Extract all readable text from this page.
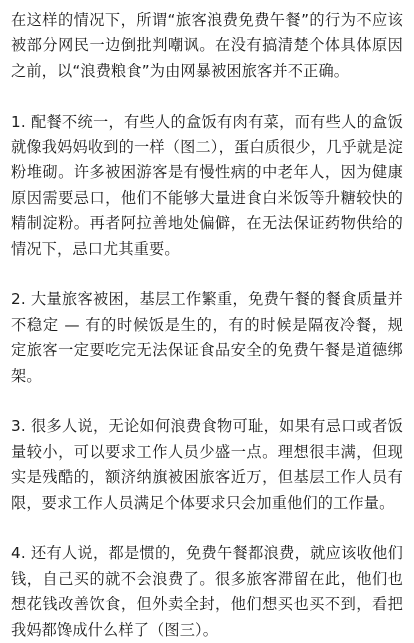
在这样的情况下，所谓“旅客浪费免费午餐”的行为不应该被部分网民一边倒批判嘲讽。在没有搞清楚个体具体原因之前，以“浪费粮食”为由网暴被困旅客并不正确。

1. 配餐不统一，有些人的盒饭有肉有菜，而有些人的盒饭就像我妈妈收到的一样（图二），蛋白质很少，几乎就是淀粉堆砌。许多被困游客是有慢性病的中老年人，因为健康原因需要忌口，他们不能够大量进食白米饭等升糖较快的精制淀粉。再者阿拉善地处偏僻，在无法保证药物供给的情况下，忌口尤其重要。

2. 大量旅客被困，基层工作繁重，免费午餐的餐食质量并不稳定 — 有的时候饭是生的，有的时候是隔夜冷餐，规定旅客一定要吃完无法保证食品安全的免费午餐是道德绑架。

3. 很多人说，无论如何浪费食物可耻，如果有忌口或者饭量较小，可以要求工作人员少盛一点。理想很丰满，但现实是残酷的，额济纳旗被困旅客近万，但基层工作人员有限，要求工作人员满足个体要求只会加重他们的工作量。

4. 还有人说，都是惯的，免费午餐都浪费，就应该收他们钱，自己买的就不会浪费了。很多旅客滞留在此，他们也想花钱改善饮食，但外卖全封，他们想买也买不到，看把我妈都馋成什么样了（图三）。
